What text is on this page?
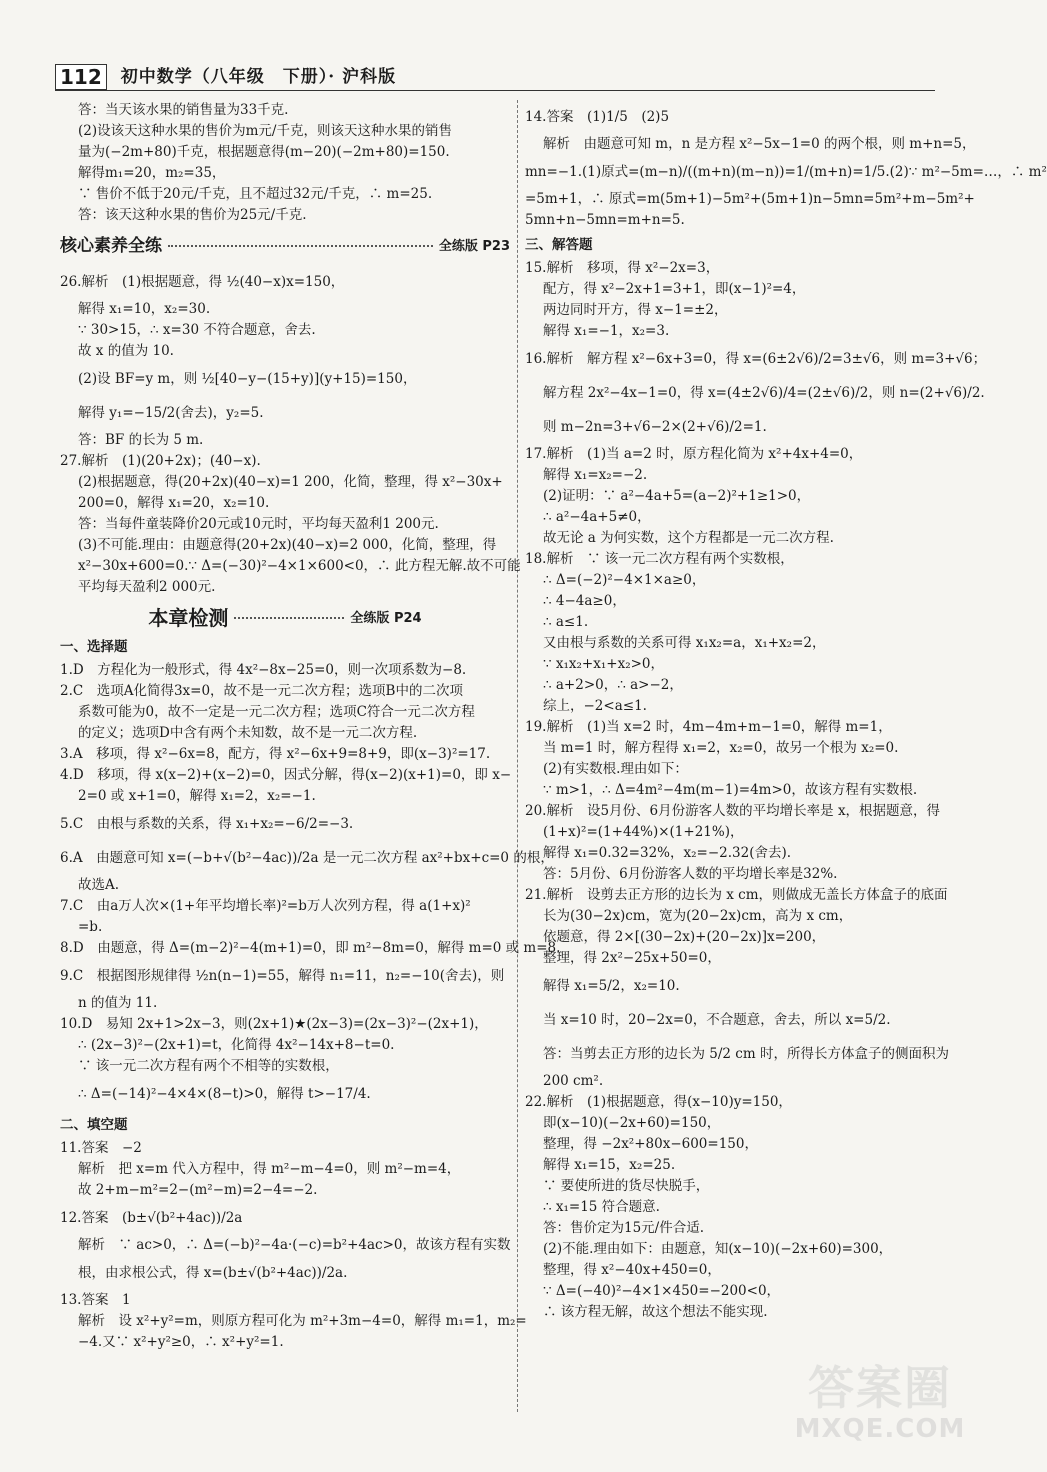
112 初中数学（八年级　下册）· 沪科版
答：当天该水果的销售量为33千克.
(2)设该天这种水果的售价为m元/千克，则该天这种水果的销售
量为(−2m+80)千克，根据题意得(m−20)(−2m+80)=150.
解得m₁=20，m₂=35，
∵ 售价不低于20元/千克，且不超过32元/千克，∴ m=25.
答：该天这种水果的售价为25元/千克.
核心素养全练	全练版 P23
26.解析　(1)根据题意，得 ½(40−x)x=150，
解得 x₁=10，x₂=30.
∵ 30>15，∴ x=30 不符合题意，舍去.
故 x 的值为 10.
(2)设 BF=y m，则 ½[40−y−(15+y)](y+15)=150，
解得 y₁=−15/2(舍去)，y₂=5.
答：BF 的长为 5 m.
27.解析　(1)(20+2x)；(40−x).
(2)根据题意，得(20+2x)(40−x)=1 200，化简，整理，得 x²−30x+
200=0，解得 x₁=20，x₂=10.
答：当每件童装降价20元或10元时，平均每天盈利1 200元.
(3)不可能.理由：由题意得(20+2x)(40−x)=2 000，化简，整理，得
x²−30x+600=0.∵ Δ=(−30)²−4×1×600<0，∴ 此方程无解.故不可能
平均每天盈利2 000元.
本章检测	全练版 P24
一、选择题
1.D　方程化为一般形式，得 4x²−8x−25=0，则一次项系数为−8.
2.C　选项A化简得3x=0，故不是一元二次方程；选项B中的二次项
系数可能为0，故不一定是一元二次方程；选项C符合一元二次方程
的定义；选项D中含有两个未知数，故不是一元二次方程.
3.A　移项，得 x²−6x=8，配方，得 x²−6x+9=8+9，即(x−3)²=17.
4.D　移项，得 x(x−2)+(x−2)=0，因式分解，得(x−2)(x+1)=0，即 x−
2=0 或 x+1=0，解得 x₁=2，x₂=−1.
5.C　由根与系数的关系，得 x₁+x₂=−6/2=−3.
6.A　由题意可知 x=(−b+√(b²−4ac))/2a 是一元二次方程 ax²+bx+c=0 的根，
故选A.
7.C　由a万人次×(1+年平均增长率)²=b万人次列方程，得 a(1+x)²
=b.
8.D　由题意，得 Δ=(m−2)²−4(m+1)=0，即 m²−8m=0，解得 m=0 或 m=8.
9.C　根据图形规律得 ½n(n−1)=55，解得 n₁=11，n₂=−10(舍去)，则
n 的值为 11.
10.D　易知 2x+1>2x−3，则(2x+1)★(2x−3)=(2x−3)²−(2x+1)，
∴ (2x−3)²−(2x+1)=t，化简得 4x²−14x+8−t=0.
∵ 该一元二次方程有两个不相等的实数根，
∴ Δ=(−14)²−4×4×(8−t)>0，解得 t>−17/4.
二、填空题
11.答案　−2
解析　把 x=m 代入方程中，得 m²−m−4=0，则 m²−m=4，
故 2+m−m²=2−(m²−m)=2−4=−2.
12.答案　(b±√(b²+4ac))/2a
解析　∵ ac>0，∴ Δ=(−b)²−4a·(−c)=b²+4ac>0，故该方程有实数
根，由求根公式，得 x=(b±√(b²+4ac))/2a.
13.答案　1
解析　设 x²+y²=m，则原方程可化为 m²+3m−4=0，解得 m₁=1，m₂=
−4.又∵ x²+y²≥0，∴ x²+y²=1.
14.答案　(1)1/5　(2)5
解析　由题意可知 m，n 是方程 x²−5x−1=0 的两个根，则 m+n=5，
mn=−1.(1)原式=(m−n)/((m+n)(m−n))=1/(m+n)=1/5.(2)∵ m²−5m=…，∴ m²
=5m+1，∴ 原式=m(5m+1)−5m²+(5m+1)n−5mn=5m²+m−5m²+
5mn+n−5mn=m+n=5.
三、解答题
15.解析　移项，得 x²−2x=3，
配方，得 x²−2x+1=3+1，即(x−1)²=4，
两边同时开方，得 x−1=±2，
解得 x₁=−1，x₂=3.
16.解析　解方程 x²−6x+3=0，得 x=(6±2√6)/2=3±√6，则 m=3+√6；
解方程 2x²−4x−1=0，得 x=(4±2√6)/4=(2±√6)/2，则 n=(2+√6)/2.
则 m−2n=3+√6−2×(2+√6)/2=1.
17.解析　(1)当 a=2 时，原方程化简为 x²+4x+4=0，
解得 x₁=x₂=−2.
(2)证明：∵ a²−4a+5=(a−2)²+1≥1>0，
∴ a²−4a+5≠0，
故无论 a 为何实数，这个方程都是一元二次方程.
18.解析　∵ 该一元二次方程有两个实数根，
∴ Δ=(−2)²−4×1×a≥0，
∴ 4−4a≥0，
∴ a≤1.
又由根与系数的关系可得 x₁x₂=a，x₁+x₂=2，
∵ x₁x₂+x₁+x₂>0，
∴ a+2>0，∴ a>−2，
综上，−2<a≤1.
19.解析　(1)当 x=2 时，4m−4m+m−1=0，解得 m=1，
当 m=1 时，解方程得 x₁=2，x₂=0，故另一个根为 x₂=0.
(2)有实数根.理由如下：
∵ m>1，∴ Δ=4m²−4m(m−1)=4m>0，故该方程有实数根.
20.解析　设5月份、6月份游客人数的平均增长率是 x，根据题意，得
(1+x)²=(1+44%)×(1+21%)，
解得 x₁=0.32=32%，x₂=−2.32(舍去).
答：5月份、6月份游客人数的平均增长率是32%.
21.解析　设剪去正方形的边长为 x cm，则做成无盖长方体盒子的底面
长为(30−2x)cm，宽为(20−2x)cm，高为 x cm，
依题意，得 2×[(30−2x)+(20−2x)]x=200，
整理，得 2x²−25x+50=0，
解得 x₁=5/2，x₂=10.
当 x=10 时，20−2x=0，不合题意，舍去，所以 x=5/2.
答：当剪去正方形的边长为 5/2 cm 时，所得长方体盒子的侧面积为
200 cm².
22.解析　(1)根据题意，得(x−10)y=150，
即(x−10)(−2x+60)=150，
整理，得 −2x²+80x−600=150，
解得 x₁=15，x₂=25.
∵ 要使所进的货尽快脱手，
∴ x₁=15 符合题意.
答：售价定为15元/件合适.
(2)不能.理由如下：由题意，知(x−10)(−2x+60)=300，
整理，得 x²−40x+450=0，
∵ Δ=(−40)²−4×1×450=−200<0，
∴ 该方程无解，故这个想法不能实现.
答案圈
MXQE.COM
